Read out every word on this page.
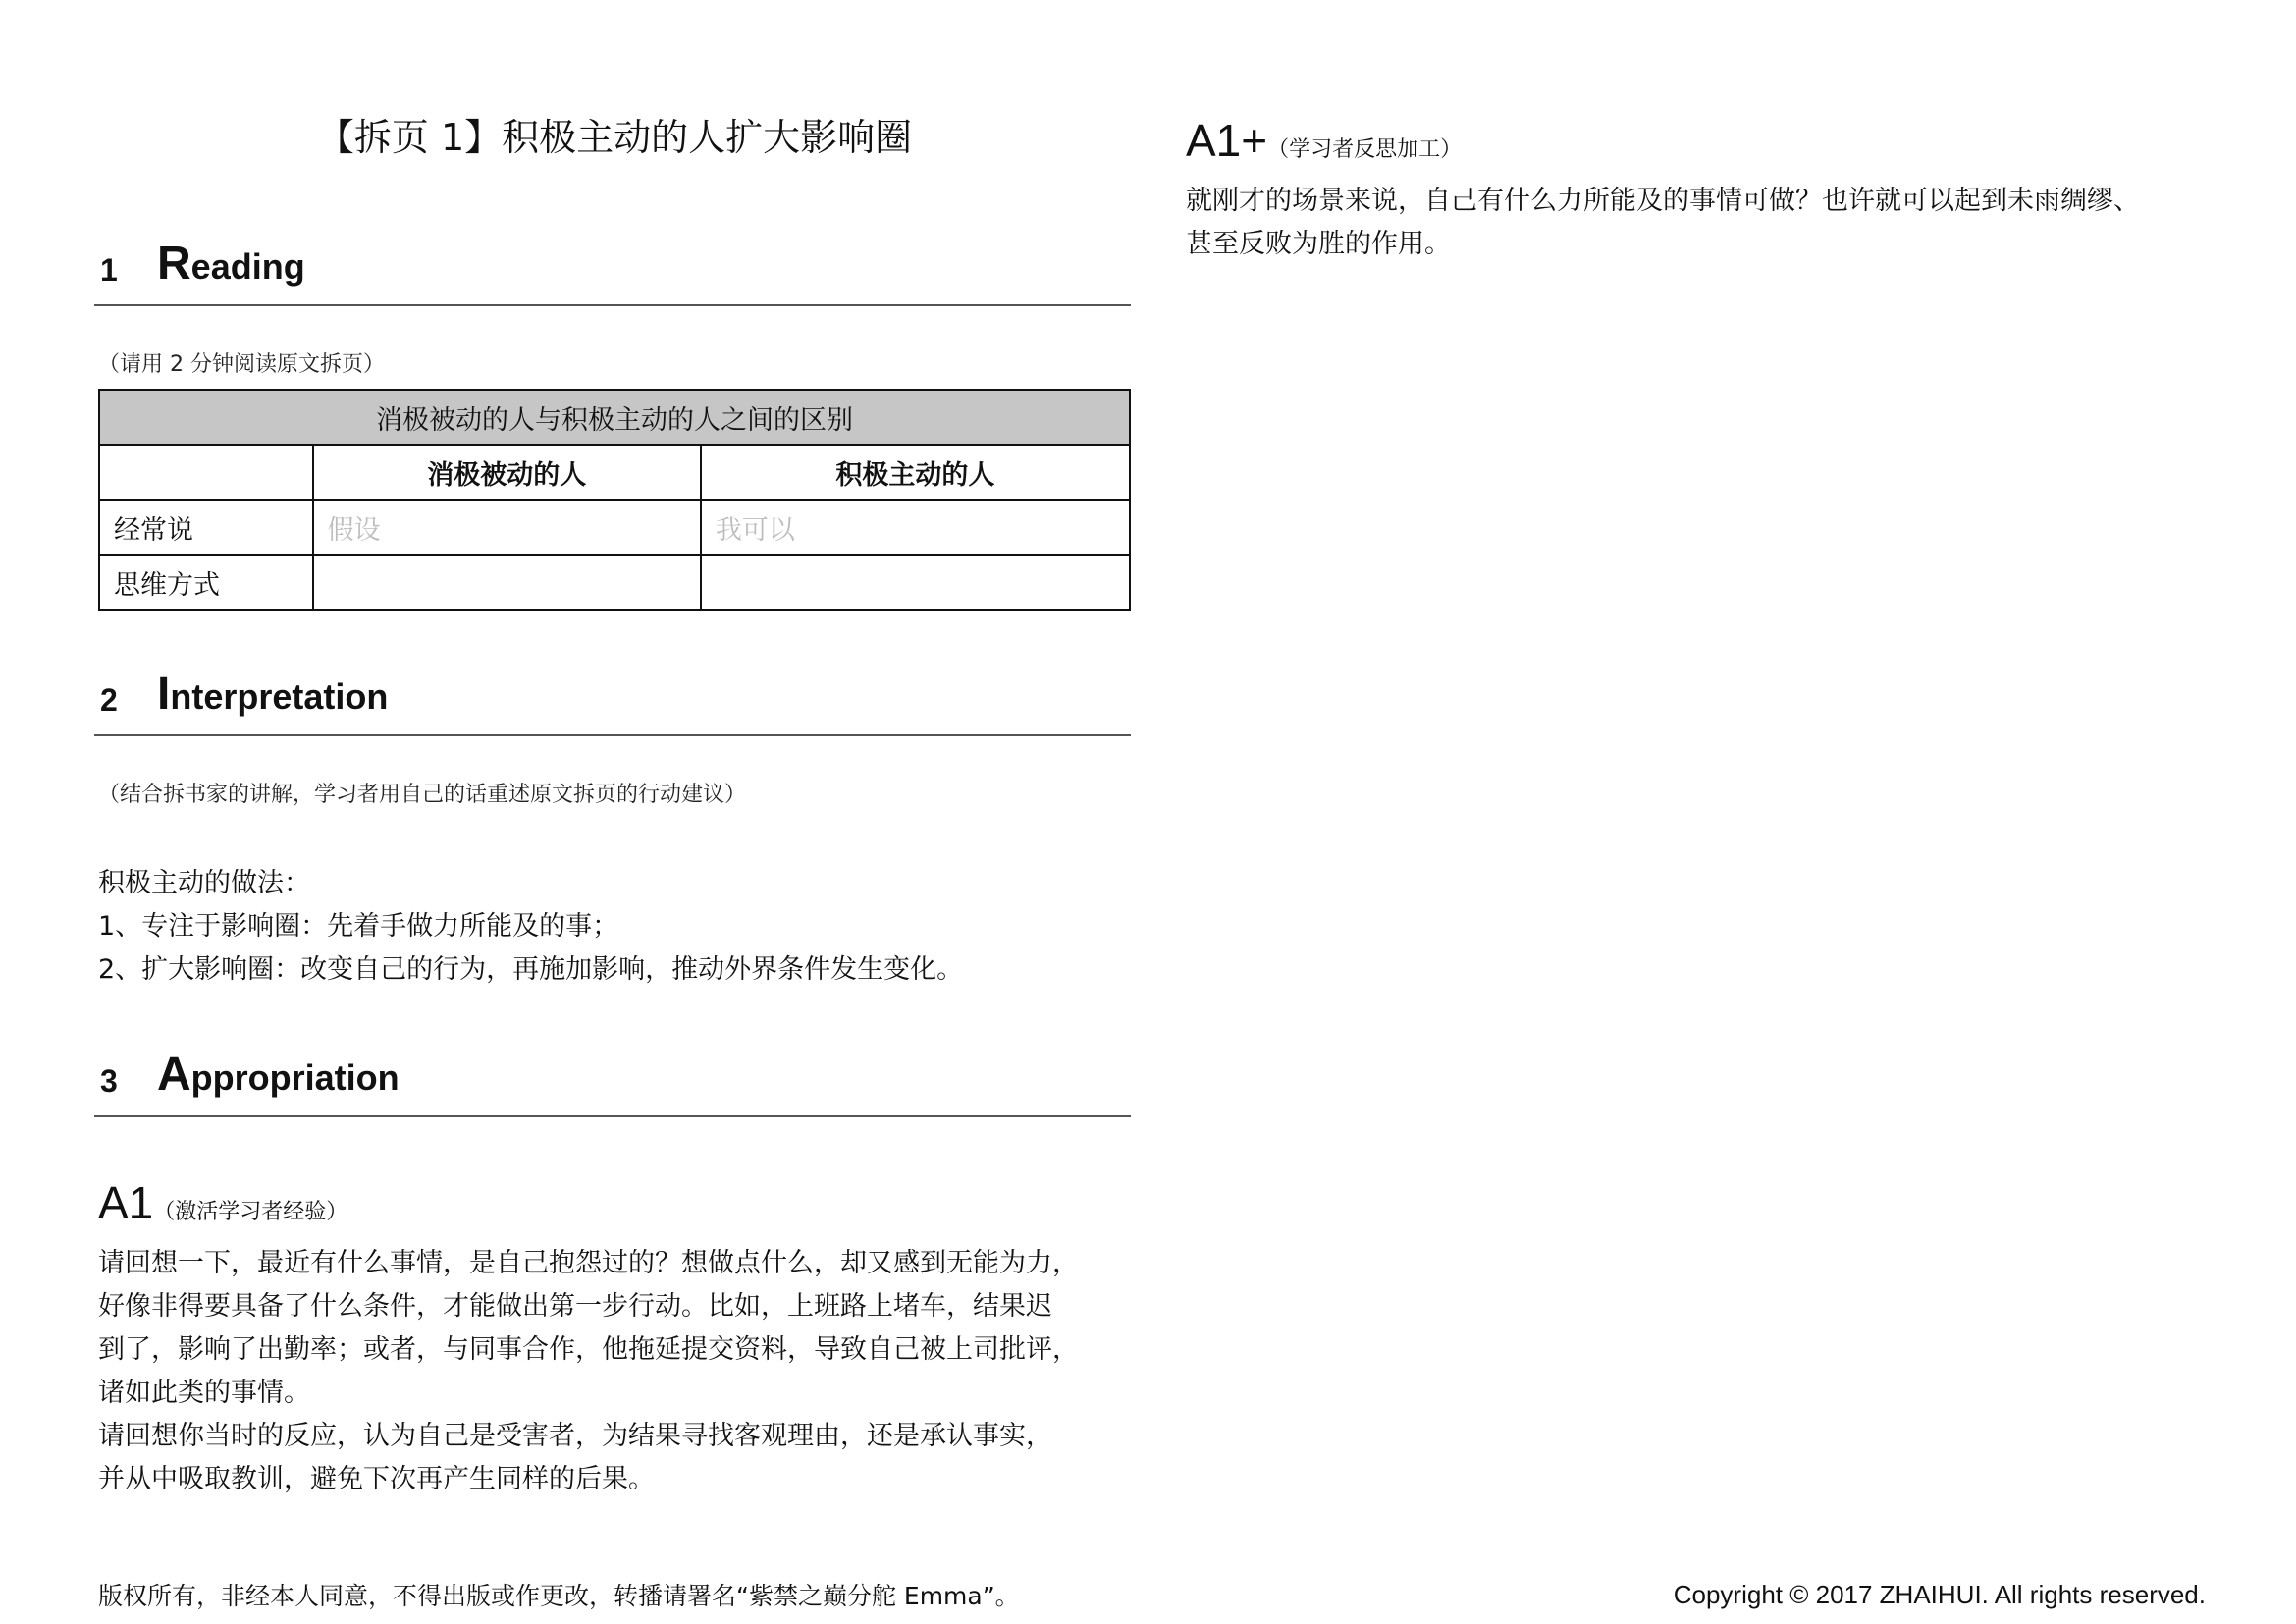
【拆页 1】积极主动的人扩大影响圈
1 Reading
（请用 2 分钟阅读原文拆页）
消极被动的人与积极主动的人之间的区别		
	消极被动的人	积极主动的人
经常说	假设	我可以
思维方式		
2 Interpretation
（结合拆书家的讲解，学习者用自己的话重述原文拆页的行动建议）
积极主动的做法：
1、专注于影响圈：先着手做力所能及的事；
2、扩大影响圈：改变自己的行为，再施加影响，推动外界条件发生变化。
3 Appropriation
A1（激活学习者经验）
请回想一下，最近有什么事情，是自己抱怨过的？想做点什么，却又感到无能为力，
好像非得要具备了什么条件，才能做出第一步行动。比如，上班路上堵车，结果迟
到了，影响了出勤率；或者，与同事合作，他拖延提交资料，导致自己被上司批评，
诸如此类的事情。
请回想你当时的反应，认为自己是受害者，为结果寻找客观理由，还是承认事实，
并从中吸取教训，避免下次再产生同样的后果。
A1+（学习者反思加工）
就刚才的场景来说，自己有什么力所能及的事情可做？也许就可以起到未雨绸缪、
甚至反败为胜的作用。
版权所有，非经本人同意，不得出版或作更改，转播请署名“紫禁之巅分舵 Emma”。	Copyright © 2017 ZHAIHUI. All rights reserved.
